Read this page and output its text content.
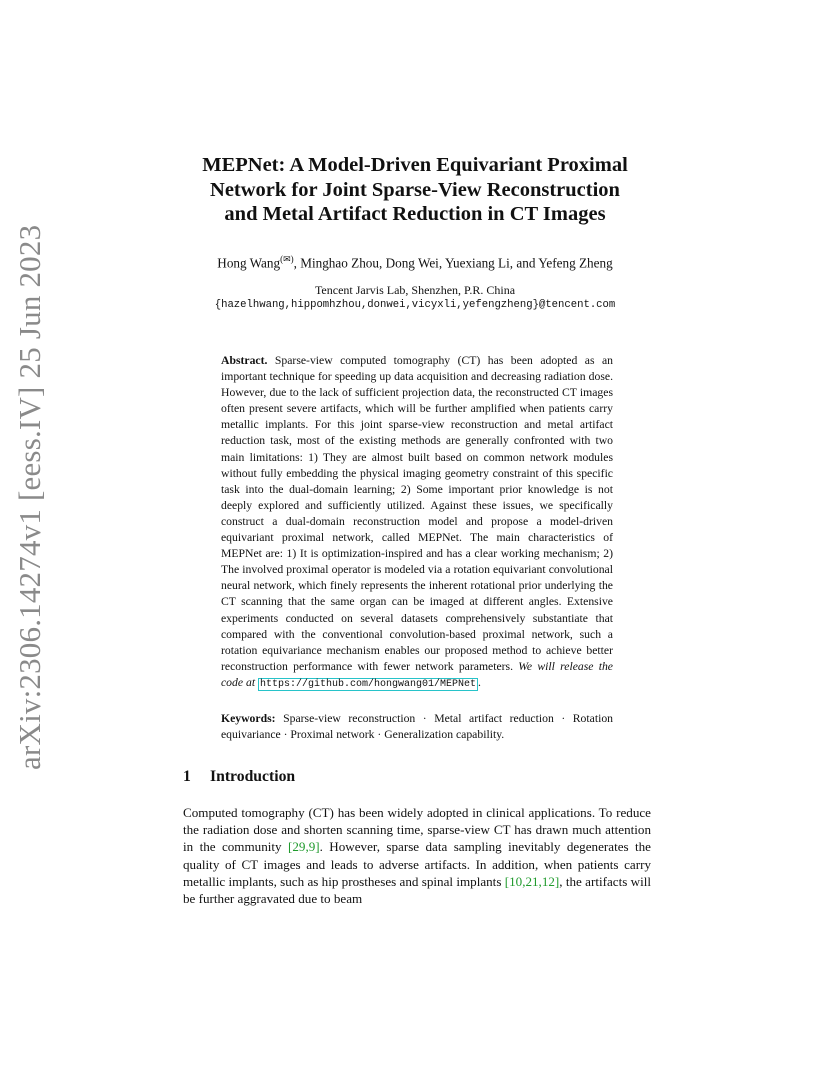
arXiv:2306.14274v1 [eess.IV] 25 Jun 2023
MEPNet: A Model-Driven Equivariant Proximal
Network for Joint Sparse-View Reconstruction
and Metal Artifact Reduction in CT Images
Hong Wang(✉), Minghao Zhou, Dong Wei, Yuexiang Li, and Yefeng Zheng
Tencent Jarvis Lab, Shenzhen, P.R. China
{hazelhwang,hippomhzhou,donwei,vicyxli,yefengzheng}@tencent.com
Abstract. Sparse-view computed tomography (CT) has been adopted as an important technique for speeding up data acquisition and decreasing radiation dose. However, due to the lack of sufficient projection data, the reconstructed CT images often present severe artifacts, which will be further amplified when patients carry metallic implants. For this joint sparse-view reconstruction and metal artifact reduction task, most of the existing methods are generally confronted with two main limitations: 1) They are almost built based on common network modules without fully embedding the physical imaging geometry constraint of this specific task into the dual-domain learning; 2) Some important prior knowledge is not deeply explored and sufficiently utilized. Against these issues, we specifically construct a dual-domain reconstruction model and propose a model-driven equivariant proximal network, called MEPNet. The main characteristics of MEPNet are: 1) It is optimization-inspired and has a clear working mechanism; 2) The involved proximal operator is modeled via a rotation equivariant convolutional neural network, which finely represents the inherent rotational prior underlying the CT scanning that the same organ can be imaged at different angles. Extensive experiments conducted on several datasets comprehensively substantiate that compared with the conventional convolution-based proximal network, such a rotation equivariance mechanism enables our proposed method to achieve better reconstruction performance with fewer network parameters. We will release the code at https://github.com/hongwang01/MEPNet .
Keywords: Sparse-view reconstruction · Metal artifact reduction · Rotation equivariance · Proximal network · Generalization capability.
1 Introduction
Computed tomography (CT) has been widely adopted in clinical applications. To reduce the radiation dose and shorten scanning time, sparse-view CT has drawn much attention in the community [29,9]. However, sparse data sampling inevitably degenerates the quality of CT images and leads to adverse artifacts. In addition, when patients carry metallic implants, such as hip prostheses and spinal implants [10,21,12], the artifacts will be further aggravated due to beam
